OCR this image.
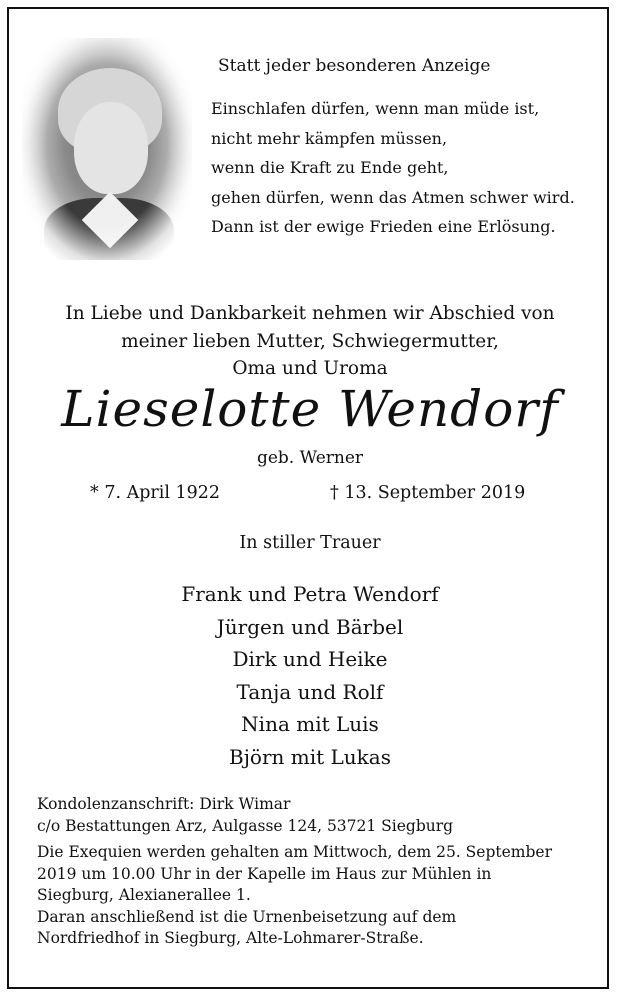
Statt jeder besonderen Anzeige
Einschlafen dürfen, wenn man müde ist,
nicht mehr kämpfen müssen,
wenn die Kraft zu Ende geht,
gehen dürfen, wenn das Atmen schwer wird.
Dann ist der ewige Frieden eine Erlösung.
In Liebe und Dankbarkeit nehmen wir Abschied von
meiner lieben Mutter, Schwiegermutter,
Oma und Uroma
Lieselotte Wendorf
geb. Werner
* 7. April 1922	† 13. September 2019
In stiller Trauer
Frank und Petra Wendorf
Jürgen und Bärbel
Dirk und Heike
Tanja und Rolf
Nina mit Luis
Björn mit Lukas
Kondolenzanschrift: Dirk Wimar
c/o Bestattungen Arz, Aulgasse 124, 53721 Siegburg
Die Exequien werden gehalten am Mittwoch, dem 25. September
2019 um 10.00 Uhr in der Kapelle im Haus zur Mühlen in
Siegburg, Alexianerallee 1.
Daran anschließend ist die Urnenbeisetzung auf dem
Nordfriedhof in Siegburg, Alte-Lohmarer-Straße.
